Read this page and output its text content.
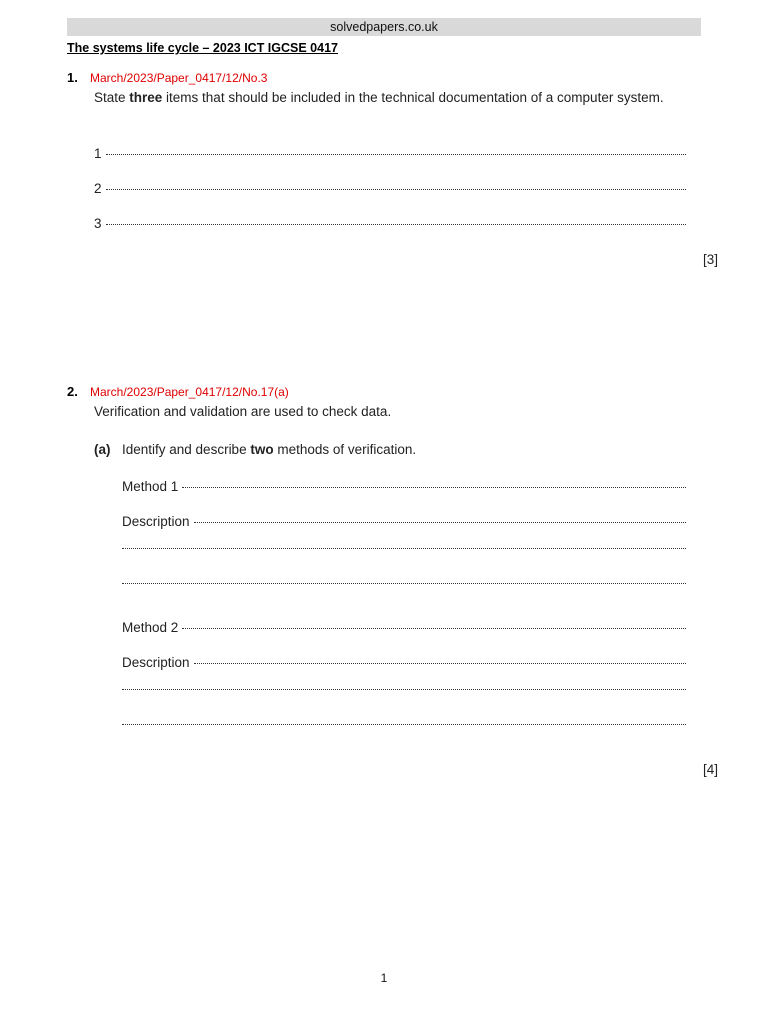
solvedpapers.co.uk
The systems life cycle – 2023 ICT IGCSE 0417
1. March/2023/Paper_0417/12/No.3
State three items that should be included in the technical documentation of a computer system.
1
2
3
[3]
2. March/2023/Paper_0417/12/No.17(a)
Verification and validation are used to check data.
(a) Identify and describe two methods of verification.
Method 1
Description
Method 2
Description
[4]
1
